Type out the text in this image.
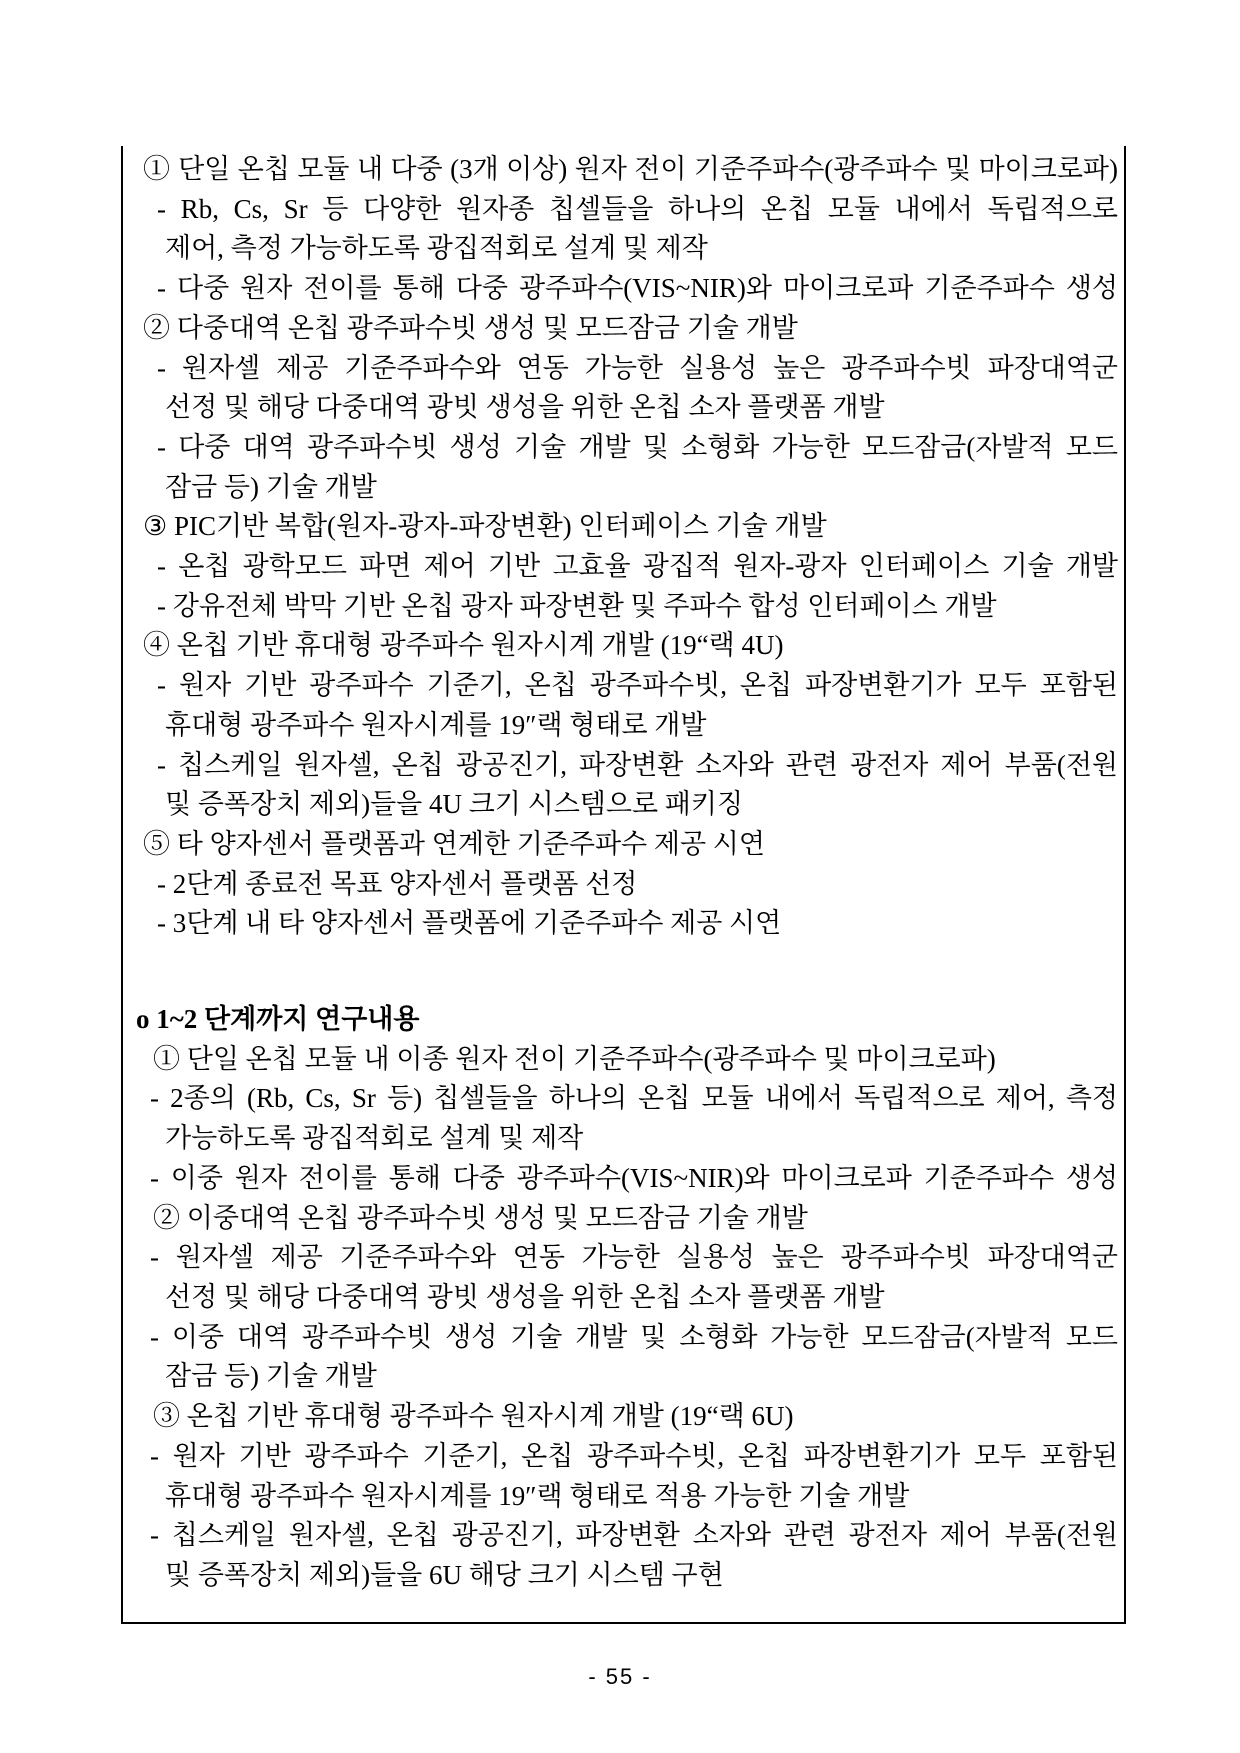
① 단일 온칩 모듈 내 다중 (3개 이상) 원자 전이 기준주파수(광주파수 및 마이크로파)
- Rb, Cs, Sr 등 다양한 원자종 칩셀들을 하나의 온칩 모듈 내에서 독립적으로
제어, 측정 가능하도록 광집적회로 설계 및 제작
- 다중 원자 전이를 통해 다중 광주파수(VIS~NIR)와 마이크로파 기준주파수 생성
② 다중대역 온칩 광주파수빗 생성 및 모드잠금 기술 개발
- 원자셀 제공 기준주파수와 연동 가능한 실용성 높은 광주파수빗 파장대역군
선정 및 해당 다중대역 광빗 생성을 위한 온칩 소자 플랫폼 개발
- 다중 대역 광주파수빗 생성 기술 개발 및 소형화 가능한 모드잠금(자발적 모드
잠금 등) 기술 개발
③ PIC기반 복합(원자-광자-파장변환) 인터페이스 기술 개발
- 온칩 광학모드 파면 제어 기반 고효율 광집적 원자-광자 인터페이스 기술 개발
- 강유전체 박막 기반 온칩 광자 파장변환 및 주파수 합성 인터페이스 개발
④ 온칩 기반 휴대형 광주파수 원자시계 개발 (19“랙 4U)
- 원자 기반 광주파수 기준기, 온칩 광주파수빗, 온칩 파장변환기가 모두 포함된
휴대형 광주파수 원자시계를 19″랙 형태로 개발
- 칩스케일 원자셀, 온칩 광공진기, 파장변환 소자와 관련 광전자 제어 부품(전원
및 증폭장치 제외)들을 4U 크기 시스템으로 패키징
⑤ 타 양자센서 플랫폼과 연계한 기준주파수 제공 시연
- 2단계 종료전 목표 양자센서 플랫폼 선정
- 3단계 내 타 양자센서 플랫폼에 기준주파수 제공 시연
o 1~2 단계까지 연구내용
① 단일 온칩 모듈 내 이종 원자 전이 기준주파수(광주파수 및 마이크로파)
- 2종의 (Rb, Cs, Sr 등) 칩셀들을 하나의 온칩 모듈 내에서 독립적으로 제어, 측정
가능하도록 광집적회로 설계 및 제작
- 이중 원자 전이를 통해 다중 광주파수(VIS~NIR)와 마이크로파 기준주파수 생성
② 이중대역 온칩 광주파수빗 생성 및 모드잠금 기술 개발
- 원자셀 제공 기준주파수와 연동 가능한 실용성 높은 광주파수빗 파장대역군
선정 및 해당 다중대역 광빗 생성을 위한 온칩 소자 플랫폼 개발
- 이중 대역 광주파수빗 생성 기술 개발 및 소형화 가능한 모드잠금(자발적 모드
잠금 등) 기술 개발
③ 온칩 기반 휴대형 광주파수 원자시계 개발 (19“랙 6U)
- 원자 기반 광주파수 기준기, 온칩 광주파수빗, 온칩 파장변환기가 모두 포함된
휴대형 광주파수 원자시계를 19″랙 형태로 적용 가능한 기술 개발
- 칩스케일 원자셀, 온칩 광공진기, 파장변환 소자와 관련 광전자 제어 부품(전원
및 증폭장치 제외)들을 6U 해당 크기 시스템 구현
- 55 -
